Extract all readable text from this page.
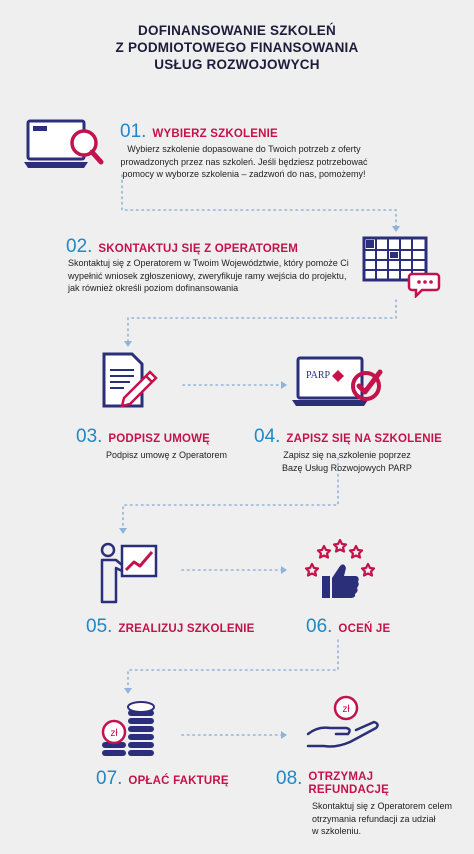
DOFINANSOWANIE SZKOLEŃ
Z PODMIOTOWEGO FINANSOWANIA
USŁUG ROZWOJOWYCH
01. WYBIERZ SZKOLENIE
Wybierz szkolenie dopasowane do Twoich potrzeb z oferty
prowadzonych przez nas szkoleń. Jeśli będziesz potrzebować
pomocy w wyborze szkolenia – zadzwoń do nas, pomożemy!
02. SKONTAKTUJ SIĘ Z OPERATOREM
Skontaktuj się z Operatorem w Twoim Województwie, który pomoże Ci
wypełnić wniosek zgłoszeniowy, zweryfikuje ramy wejścia do projektu,
jak również określi poziom dofinansowania
03. PODPISZ UMOWĘ
Podpisz umowę z Operatorem
PARP
04. ZAPISZ SIĘ NA SZKOLENIE
Zapisz się na szkolenie poprzez
Bazę Usług Rozwojowych PARP
05. ZREALIZUJ SZKOLENIE	06. OCEŃ JE
zł
07. OPŁAĆ FAKTURĘ
zł
08. OTRZYMAJ
REFUNDACJĘ
Skontaktuj się z Operatorem celem
otrzymania refundacji za udział
w szkoleniu.
